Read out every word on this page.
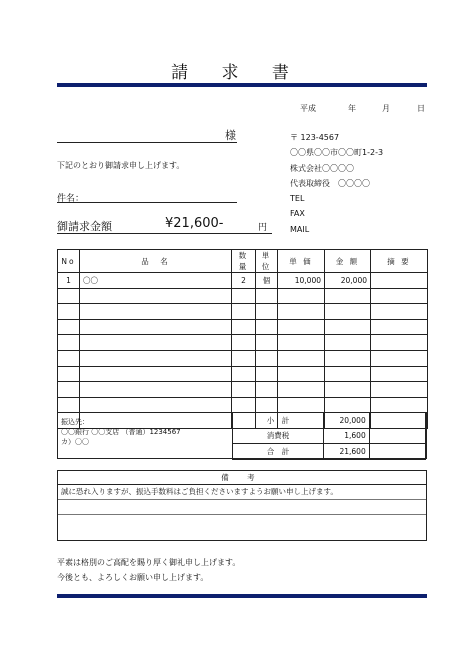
請 求 書
平成	年	月	日
様
下記のとおり御請求申し上げます。
件名：
御請求金額	¥21,600-	円
〒 123-4567
〇〇県〇〇市〇〇町1-2-3
株式会社〇〇〇〇
代表取締役　〇〇〇〇
TEL
FAX
MAIL
No	品　名	数量	単位	単 価	金 額	摘 要
1	〇〇	2	個	10,000	20,000	

振込先：
〇〇銀行 〇〇支店 （普通）1234567
カ）〇〇
小　計	20,000	
消費税	1,600	
合　計	21,600	
備 考
誠に恐れ入りますが、振込手数料はご負担くださいますようお願い申し上げます。
平素は格別のご高配を賜り厚く御礼申し上げます。
今後とも、よろしくお願い申し上げます。
